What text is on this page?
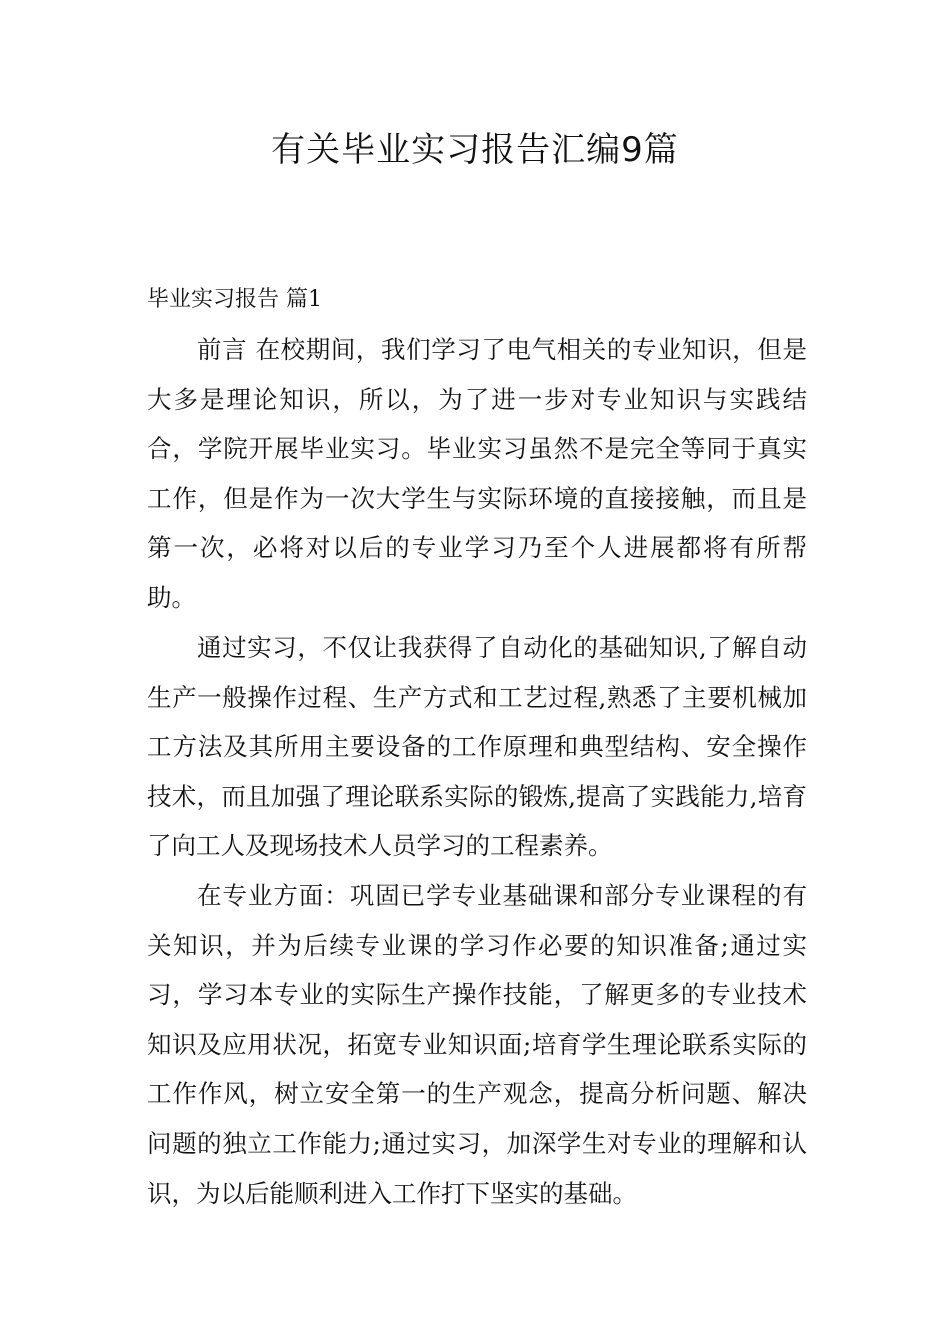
有关毕业实习报告汇编9篇
毕业实习报告 篇1

前言 在校期间，我们学习了电气相关的专业知识，但是大多是理论知识，所以，为了进一步对专业知识与实践结合，学院开展毕业实习。毕业实习虽然不是完全等同于真实工作，但是作为一次大学生与实际环境的直接接触，而且是第一次，必将对以后的专业学习乃至个人进展都将有所帮助。

通过实习，不仅让我获得了自动化的基础知识,了解自动生产一般操作过程、生产方式和工艺过程,熟悉了主要机械加工方法及其所用主要设备的工作原理和典型结构、安全操作技术，而且加强了理论联系实际的锻炼,提高了实践能力,培育了向工人及现场技术人员学习的工程素养。

在专业方面：巩固已学专业基础课和部分专业课程的有关知识，并为后续专业课的学习作必要的知识准备;通过实习，学习本专业的实际生产操作技能，了解更多的专业技术知识及应用状况，拓宽专业知识面;培育学生理论联系实际的工作作风，树立安全第一的生产观念，提高分析问题、解决问题的独立工作能力;通过实习，加深学生对专业的理解和认识，为以后能顺利进入工作打下坚实的基础。
